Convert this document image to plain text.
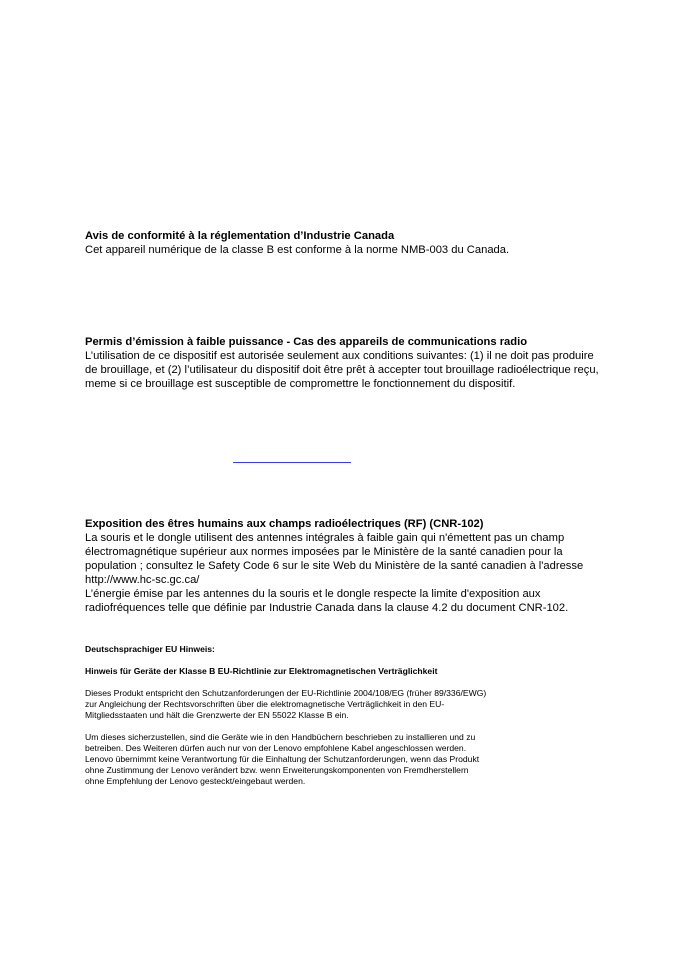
Avis de conformité à la réglementation d’Industrie Canada

Cet appareil numérique de la classe B est conforme à la norme NMB-003 du Canada.

Permis d’émission à faible puissance - Cas des appareils de communications radio

L’utilisation de ce dispositif est autorisée seulement aux conditions suivantes: (1) il ne doit pas produire

de brouillage, et (2) l’utilisateur du dispositif doit être prêt à accepter tout brouillage radioélectrique reçu,

meme si ce brouillage est susceptible de compromettre le fonctionnement du dispositif.

Exposition des êtres humains aux champs radioélectriques (RF) (CNR-102)

La souris et le dongle utilisent des antennes intégrales à faible gain qui n'émettent pas un champ

électromagnétique supérieur aux normes imposées par le Ministère de la santé canadien pour la

population ; consultez le Safety Code 6 sur le site Web du Ministère de la santé canadien à l'adresse

http://www.hc-sc.gc.ca/

L’énergie émise par les antennes du la souris et le dongle respecte la limite d'exposition aux

radiofréquences telle que définie par Industrie Canada dans la clause 4.2 du document CNR-102.

Deutschsprachiger EU Hinweis:

Hinweis für Geräte der Klasse B EU-Richtlinie zur Elektromagnetischen Verträglichkeit

Dieses Produkt entspricht den Schutzanforderungen der EU-Richtlinie 2004/108/EG (früher 89/336/EWG)

zur Angleichung der Rechtsvorschriften über die elektromagnetische Verträglichkeit in den EU-

Mitgliedsstaaten und hält die Grenzwerte der EN 55022 Klasse B ein.

Um dieses sicherzustellen, sind die Geräte wie in den Handbüchern beschrieben zu installieren und zu

betreiben. Des Weiteren dürfen auch nur von der Lenovo empfohlene Kabel angeschlossen werden.

Lenovo übernimmt keine Verantwortung für die Einhaltung der Schutzanforderungen, wenn das Produkt

ohne Zustimmung der Lenovo verändert bzw. wenn Erweiterungskomponenten von Fremdherstellern

ohne Empfehlung der Lenovo gesteckt/eingebaut werden.
